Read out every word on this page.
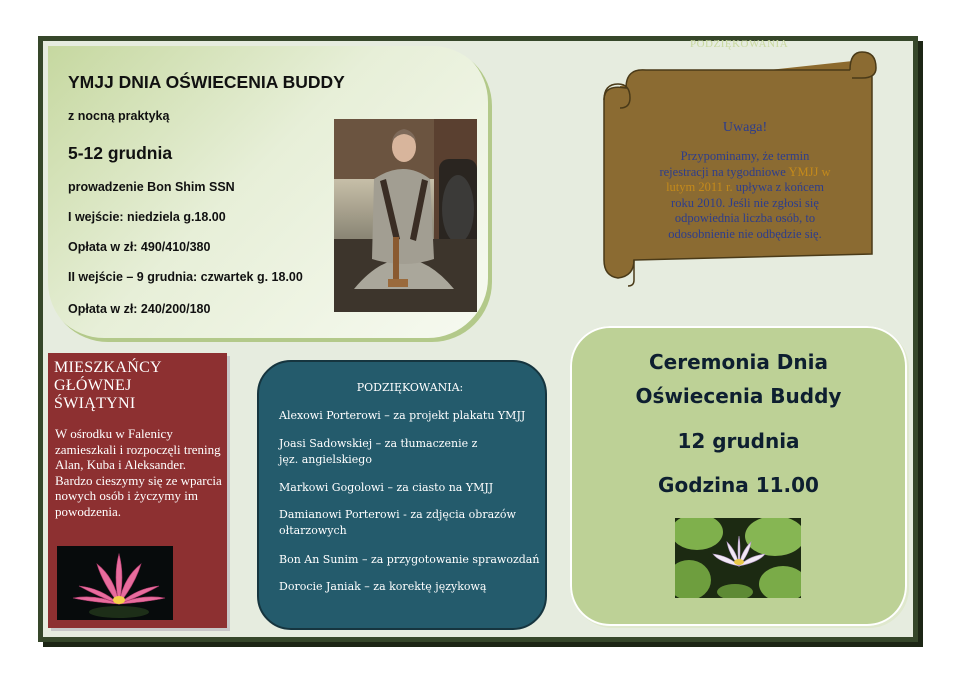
PODZIĘKOWANIA
YMJJ DNIA OŚWIECENIA BUDDY
z nocną praktyką
5-12 grudnia
prowadzenie Bon Shim SSN
I wejście: niedziela g.18.00
Opłata w zł: 490/410/380
II wejście – 9 grudnia: czwartek g. 18.00
Opłata w zł: 240/200/180
Uwaga!
Przypominamy, że termin
rejestracji na tygodniowe YMJJ w
lutym 2011 r. upływa z końcem
roku 2010. Jeśli nie zgłosi się
odpowiednia liczba osób, to
odosobnienie nie odbędzie się.
MIESZKAŃCY
GŁÓWNEJ
ŚWIĄTYNI
W ośrodku w Falenicy zamieszkali i rozpoczęli trening Alan, Kuba i Aleksander. Bardzo cieszymy się ze wparcia nowych osób i życzymy im powodzenia.
PODZIĘKOWANIA:
Alexowi Porterowi – za projekt plakatu YMJJ
Joasi Sadowskiej – za tłumaczenie z jęz. angielskiego
Markowi Gogolowi – za ciasto na YMJJ
Damianowi Porterowi - za zdjęcia obrazów ołtarzowych
Bon An Sunim – za przygotowanie sprawozdań
Dorocie Janiak – za korektę językową
Ceremonia Dnia
Oświecenia Buddy
12 grudnia
Godzina 11.00
